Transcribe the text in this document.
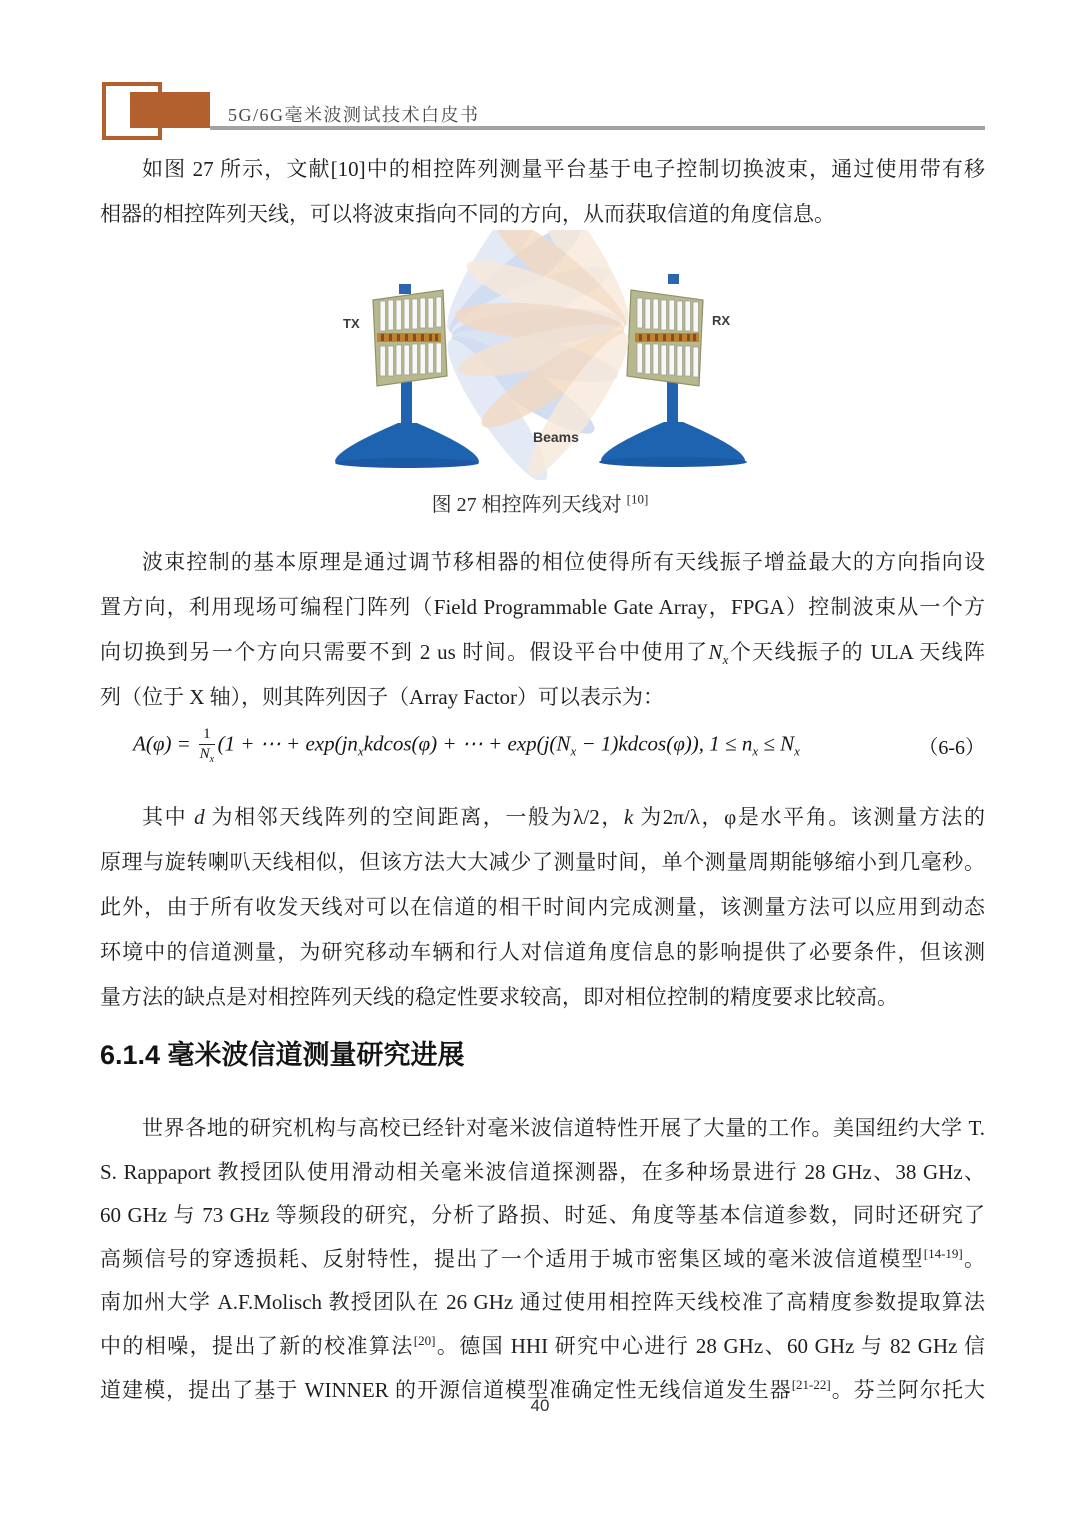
5G/6G毫米波测试技术白皮书
如图 27 所示，文献[10]中的相控阵列测量平台基于电子控制切换波束，通过使用带有移
相器的相控阵列天线，可以将波束指向不同的方向，从而获取信道的角度信息。
TX	RX
Beams
图 27 相控阵列天线对 [10]
波束控制的基本原理是通过调节移相器的相位使得所有天线振子增益最大的方向指向设
置方向，利用现场可编程门阵列（Field Programmable Gate Array，FPGA）控制波束从一个方
向切换到另一个方向只需要不到 2 us 时间。假设平台中使用了$N_x$个天线振子的 ULA 天线阵
列（位于 X 轴），则其阵列因子（Array Factor）可以表示为：
$A(\varphi) = \frac{1}{N_x} (1$ + ⋯ + $\exp(jn_xkdcos(\varphi)$ + ⋯ + $\exp(j(N_x - 1)kdcos(\varphi))$, $1 \le n_x \le N_x$	（6-6）
其中 d 为相邻天线阵列的空间距离，一般为λ/2，k 为2π/λ，φ是水平角。该测量方法的
原理与旋转喇叭天线相似，但该方法大大减少了测量时间，单个测量周期能够缩小到几毫秒。
此外，由于所有收发天线对可以在信道的相干时间内完成测量，该测量方法可以应用到动态
环境中的信道测量，为研究移动车辆和行人对信道角度信息的影响提供了必要条件，但该测
量方法的缺点是对相控阵列天线的稳定性要求较高，即对相位控制的精度要求比较高。
6.1.4 毫米波信道测量研究进展
世界各地的研究机构与高校已经针对毫米波信道特性开展了大量的工作。美国纽约大学 T.
S. Rappaport 教授团队使用滑动相关毫米波信道探测器，在多种场景进行 28 GHz、38 GHz、
60 GHz 与 73 GHz 等频段的研究，分析了路损、时延、角度等基本信道参数，同时还研究了
高频信号的穿透损耗、反射特性，提出了一个适用于城市密集区域的毫米波信道模型[14-19]。
南加州大学 A.F.Molisch 教授团队在 26 GHz 通过使用相控阵天线校准了高精度参数提取算法
中的相噪，提出了新的校准算法[20]。德国 HHI 研究中心进行 28 GHz、60 GHz 与 82 GHz 信
道建模，提出了基于 WINNER 的开源信道模型准确定性无线信道发生器[21-22]。芬兰阿尔托大
40
